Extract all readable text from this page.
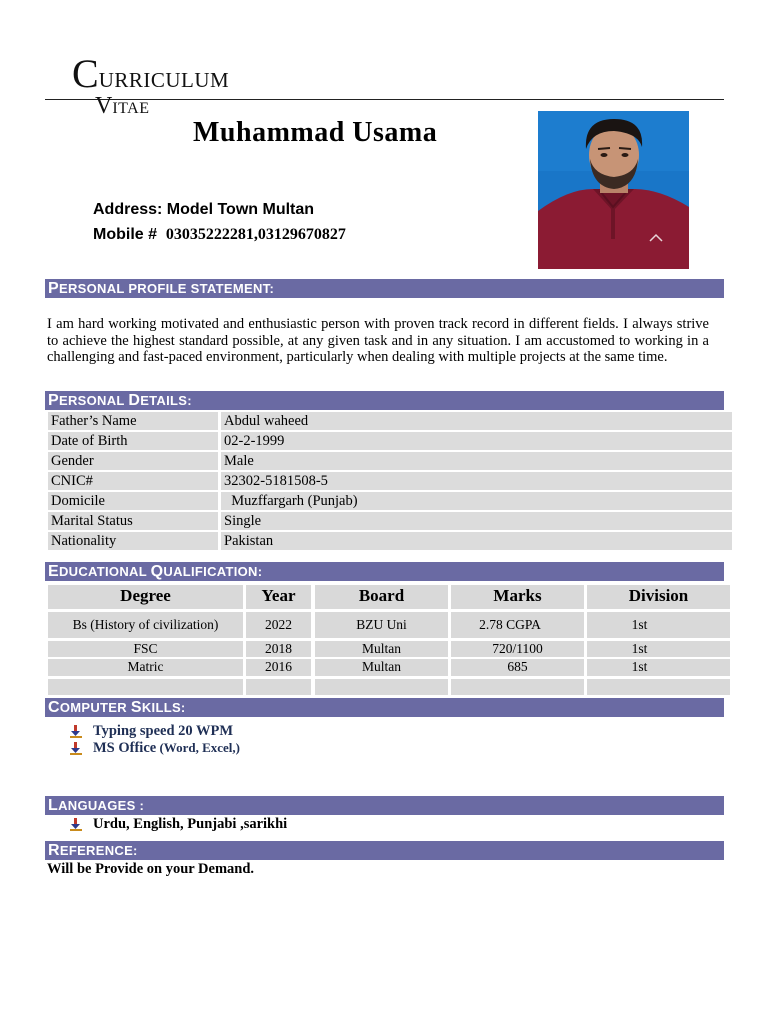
CURRICULUM
VITAE
Muhammad Usama
Address: Model Town Multan
Mobile # 03035222281,03129670827
PERSONAL PROFILE STATEMENT:
I am hard working motivated and enthusiastic person with proven track record in different fields. I always strive to achieve the highest standard possible, at any given task and in any situation. I am accustomed to working in a challenging and fast-paced environment, particularly when dealing with multiple projects at the same time.
PERSONAL DETAILS:
Father’s Name	Abdul waheed
Date of Birth	02-2-1999
Gender	Male
CNIC#	32302-5181508-5
Domicile	Muzffargarh (Punjab)
Marital Status	Single
Nationality	Pakistan
EDUCATIONAL QUALIFICATION:
Degree	Year	Board	Marks	Division
Bs (History of civilization)	2022	BZU Uni	2.78 CGPA	1st
FSC	2018	Multan	720/1100	1st
Matric	2016	Multan	685	1st
COMPUTER SKILLS:
Typing speed 20 WPM
MS Office (Word, Excel,)
LANGUAGES :
Urdu, English, Punjabi ,sarikhi
REFERENCE:
Will be Provide on your Demand.
